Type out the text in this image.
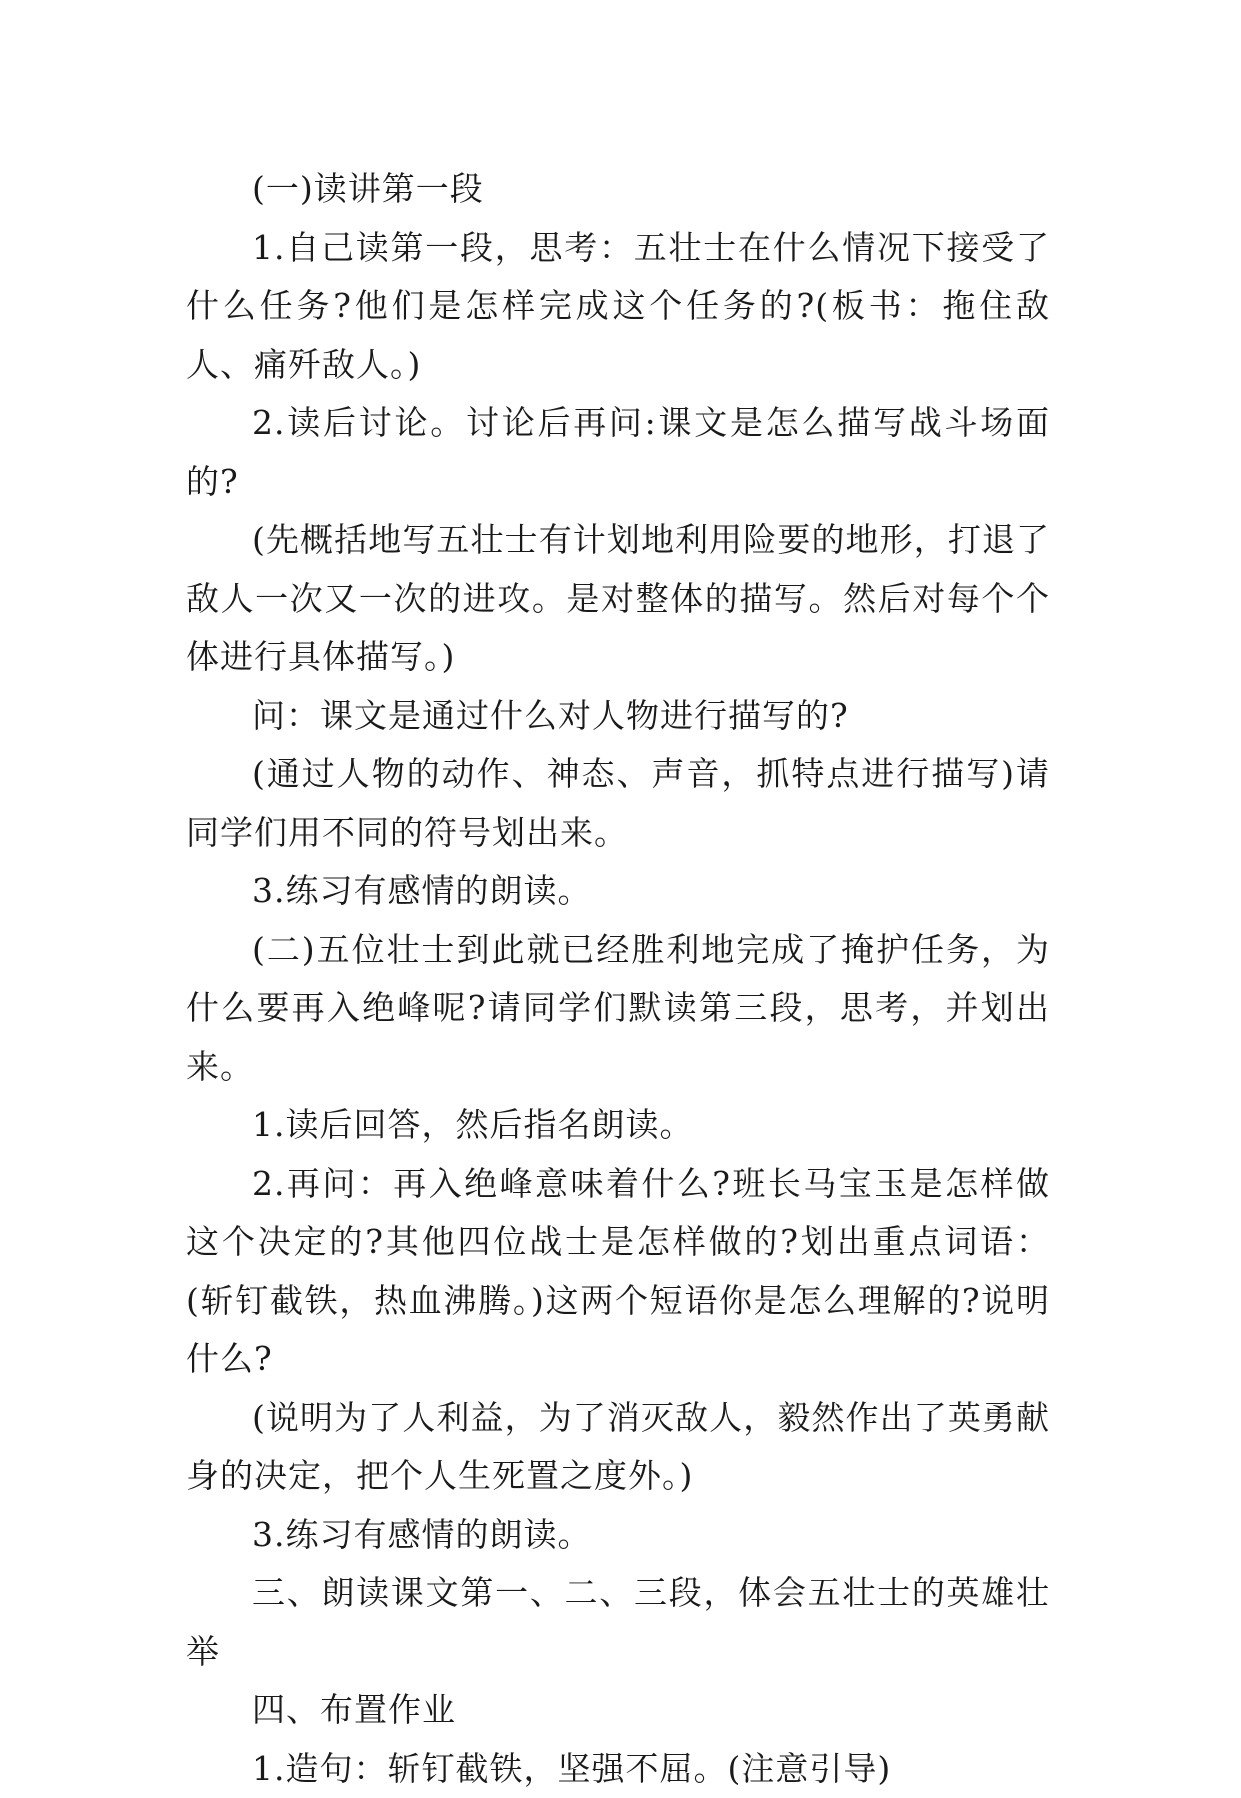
(一)读讲第一段

1.自己读第一段，思考：五壮士在什么情况下接受了什么任务?他们是怎样完成这个任务的?(板书：拖住敌人、痛歼敌人。)

2.读后讨论。讨论后再问:课文是怎么描写战斗场面的?

(先概括地写五壮士有计划地利用险要的地形，打退了敌人一次又一次的进攻。是对整体的描写。然后对每个个体进行具体描写。)

问：课文是通过什么对人物进行描写的?

(通过人物的动作、神态、声音，抓特点进行描写)请同学们用不同的符号划出来。

3.练习有感情的朗读。

(二)五位壮士到此就已经胜利地完成了掩护任务，为什么要再入绝峰呢?请同学们默读第三段，思考，并划出来。

1.读后回答，然后指名朗读。

2.再问：再入绝峰意味着什么?班长马宝玉是怎样做这个决定的?其他四位战士是怎样做的?划出重点词语：(斩钉截铁，热血沸腾。)这两个短语你是怎么理解的?说明什么?

(说明为了人利益，为了消灭敌人，毅然作出了英勇献身的决定，把个人生死置之度外。)

3.练习有感情的朗读。

三、朗读课文第一、二、三段，体会五壮士的英雄壮举

四、布置作业

1.造句：斩钉截铁，坚强不屈。(注意引导)
